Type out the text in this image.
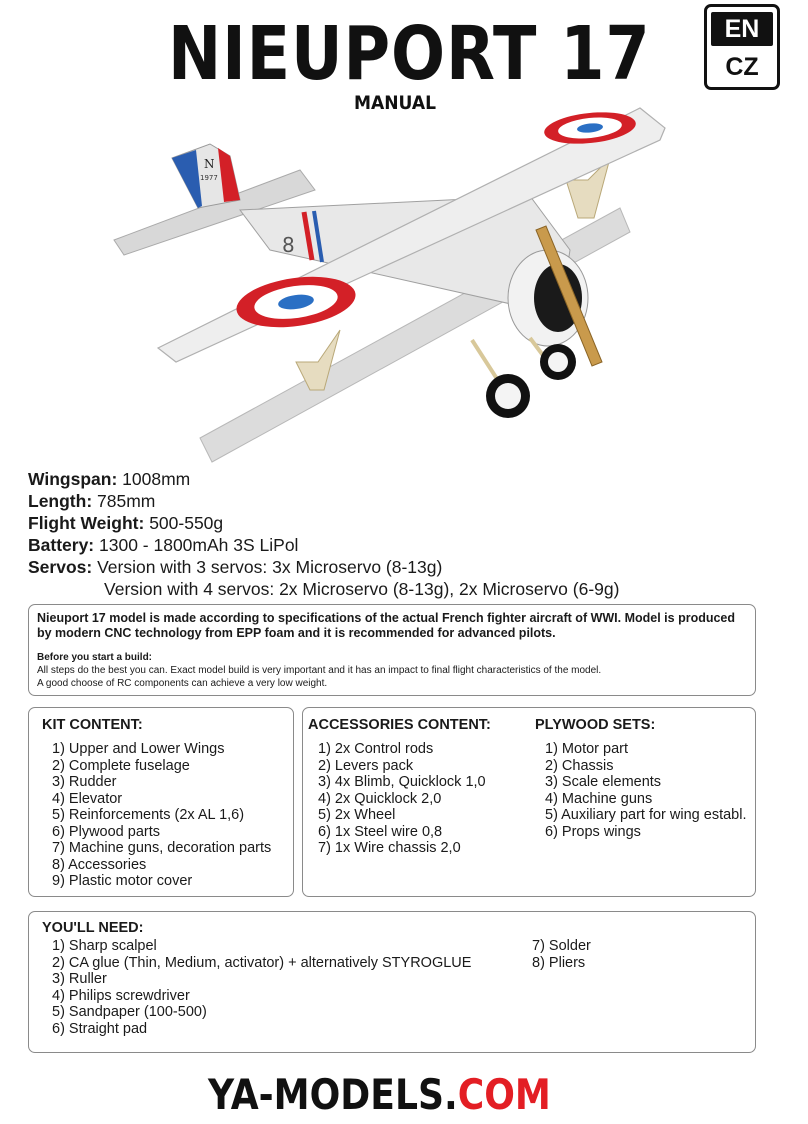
NIEUPORT 17
MANUAL
EN
CZ
N
1977
8
Wingspan: 1008mm
Length: 785mm
Flight Weight: 500-550g
Battery: 1300 - 1800mAh 3S LiPol
Servos: Version with 3 servos: 3x Microservo (8-13g)
Version with 4 servos: 2x Microservo (8-13g), 2x Microservo (6-9g)
Nieuport 17 model is made according to specifications of the actual French fighter aircraft of WWI. Model is produced by modern CNC technology from EPP foam and it is recommended for advanced pilots.
Before you start a build:
All steps do the best you can. Exact model build is very important and it has an impact to final flight characteristics of the model.
A good choose of RC components can achieve a very low weight.
KIT CONTENT:
1) Upper and Lower Wings
2) Complete fuselage
3) Rudder
4) Elevator
5) Reinforcements (2x AL 1,6)
6) Plywood parts
7) Machine guns, decoration parts
8) Accessories
9) Plastic motor cover
ACCESSORIES CONTENT:
1) 2x Control rods
2) Levers pack
3) 4x Blimb, Quicklock 1,0
4) 2x Quicklock 2,0
5) 2x Wheel
6) 1x Steel wire 0,8
7) 1x Wire chassis 2,0
PLYWOOD SETS:
1) Motor part
2) Chassis
3) Scale elements
4) Machine guns
5) Auxiliary part for wing establ.
6) Props wings
YOU'LL NEED:
1) Sharp scalpel
2) CA glue (Thin, Medium, activator) + alternatively STYROGLUE
3) Ruller
4) Philips screwdriver
5) Sandpaper (100-500)
6) Straight pad
7) Solder
8) Pliers
YA-MODELS.COM
